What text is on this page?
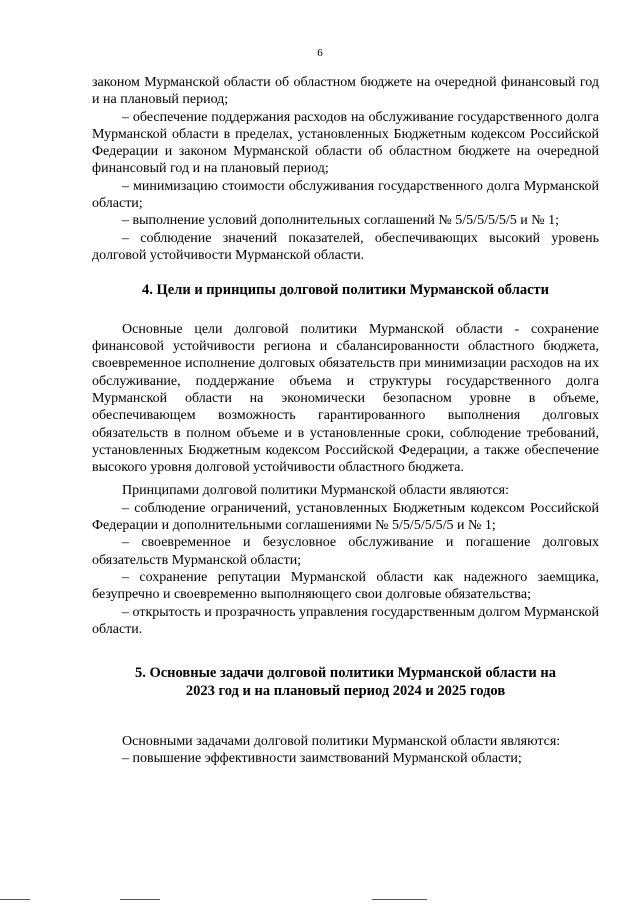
6

законом Мурманской области об областном бюджете на очередной финансовый год и на плановый период;

– обеспечение поддержания расходов на обслуживание государственного долга Мурманской области в пределах, установленных Бюджетным кодексом Российской Федерации и законом Мурманской области об областном бюджете на очередной финансовый год и на плановый период;

– минимизацию стоимости обслуживания государственного долга Мурманской области;

– выполнение условий дополнительных соглашений № 5/5/5/5/5/5 и № 1;

– соблюдение значений показателей, обеспечивающих высокий уровень долговой устойчивости Мурманской области.

4. Цели и принципы долговой политики Мурманской области

Основные цели долговой политики Мурманской области - сохранение финансовой устойчивости региона и сбалансированности областного бюджета, своевременное исполнение долговых обязательств при минимизации расходов на их обслуживание, поддержание объема и структуры государственного долга Мурманской области на экономически безопасном уровне в объеме, обеспечивающем возможность гарантированного выполнения долговых обязательств в полном объеме и в установленные сроки, соблюдение требований, установленных Бюджетным кодексом Российской Федерации, а также обеспечение высокого уровня долговой устойчивости областного бюджета.

Принципами долговой политики Мурманской области являются:

– соблюдение ограничений, установленных Бюджетным кодексом Российской Федерации и дополнительными соглашениями № 5/5/5/5/5/5 и № 1;

– своевременное и безусловное обслуживание и погашение долговых обязательств Мурманской области;

– сохранение репутации Мурманской области как надежного заемщика, безупречно и своевременно выполняющего свои долговые обязательства;

– открытость и прозрачность управления государственным долгом Мурманской области.

5. Основные задачи долговой политики Мурманской области на
2023 год и на плановый период 2024 и 2025 годов

Основными задачами долговой политики Мурманской области являются:

– повышение эффективности заимствований Мурманской области;
